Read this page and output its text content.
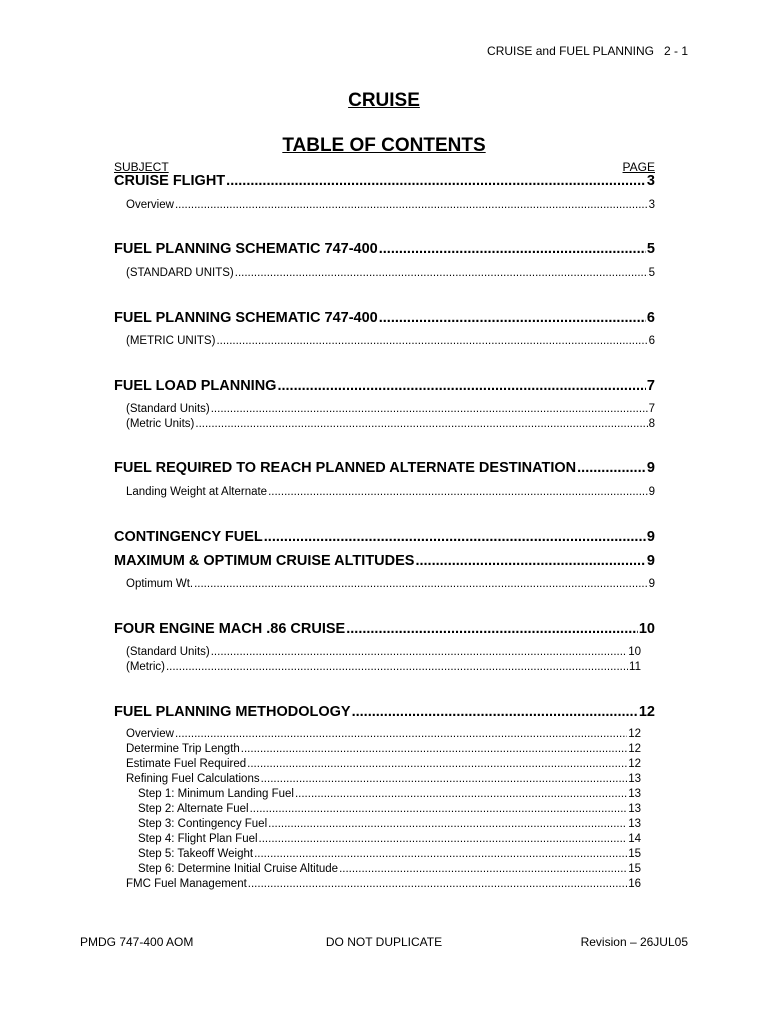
CRUISE and FUEL PLANNING   2 - 1
CRUISE
TABLE OF CONTENTS
SUBJECT	PAGE
CRUISE FLIGHT .....	3
Overview .....	3
FUEL PLANNING SCHEMATIC 747-400 .....	5
(STANDARD UNITS) .....	5
FUEL PLANNING SCHEMATIC 747-400 .....	6
(METRIC UNITS) .....	6
FUEL LOAD PLANNING .....	7
(Standard Units) .....	7
(Metric Units) .....	8
FUEL REQUIRED TO REACH PLANNED ALTERNATE DESTINATION .....	9
Landing Weight at Alternate .....	9
CONTINGENCY FUEL .....	9
MAXIMUM & OPTIMUM CRUISE ALTITUDES .....	9
Optimum Wt. .....	9
FOUR ENGINE MACH .86 CRUISE .....	10
(Standard Units) .....	10
(Metric) .....	11
FUEL PLANNING METHODOLOGY .....	12
Overview .....	12
Determine Trip Length .....	12
Estimate Fuel Required .....	12
Refining Fuel Calculations .....	13
Step 1: Minimum Landing Fuel .....	13
Step 2: Alternate Fuel .....	13
Step 3: Contingency Fuel .....	13
Step 4: Flight Plan Fuel .....	14
Step 5: Takeoff Weight .....	15
Step 6: Determine Initial Cruise Altitude .....	15
FMC Fuel Management .....	16
PMDG 747-400 AOM	DO NOT DUPLICATE	Revision – 26JUL05
